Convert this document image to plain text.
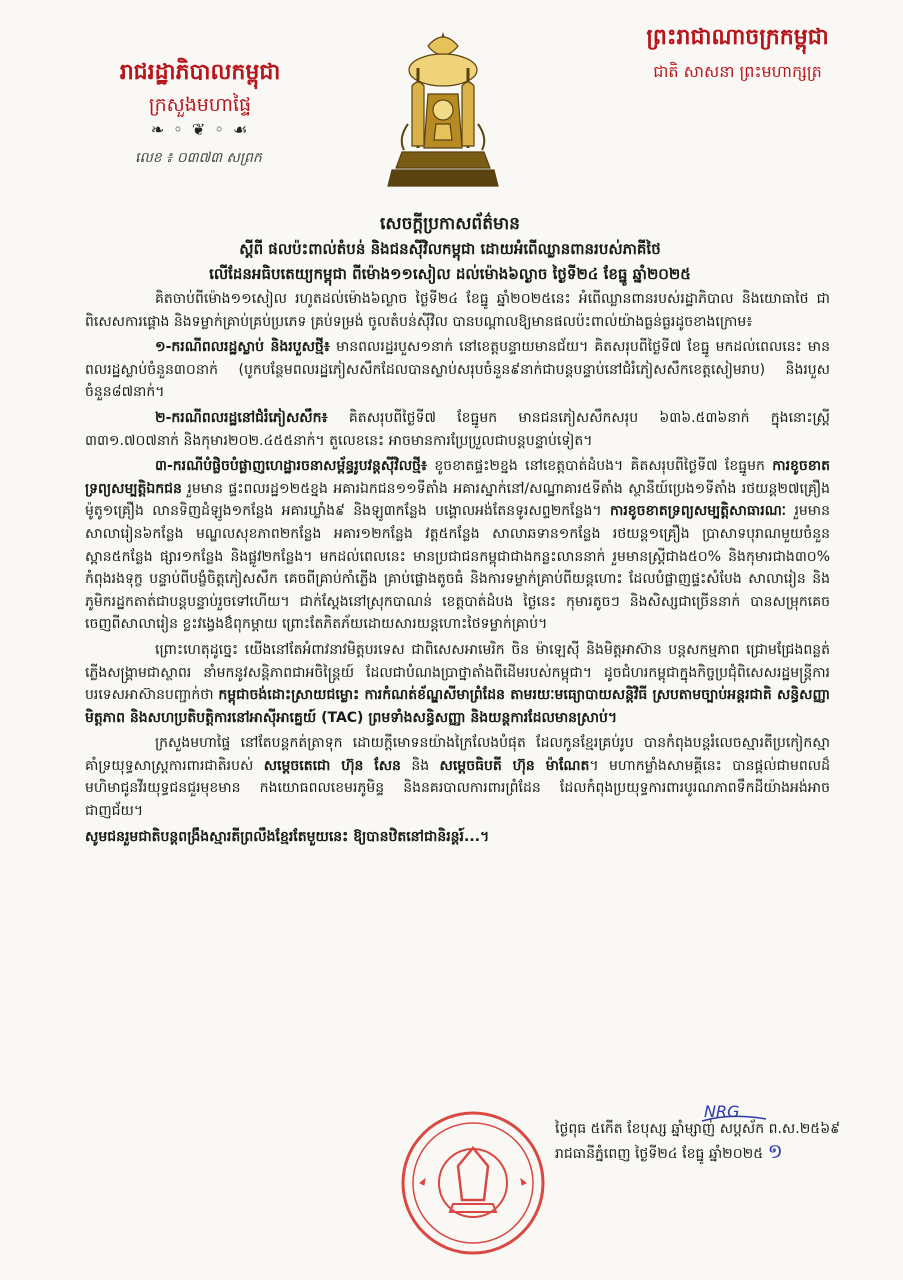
រាជរដ្ឋាភិបាលកម្ពុជា

ក្រសួងមហាផ្ទៃ

❧ ◦ ❦ ◦ ☙
លេខ ៖ ០៣៧៣ សព្រក

ព្រះរាជាណាចក្រកម្ពុជា

ជាតិ សាសនា ព្រះមហាក្សត្រ

សេចក្តីប្រកាសព័ត៌មាន

ស្តីពី ផលប៉ះពាល់តំបន់ និងជនស៊ីវិលកម្ពុជា ដោយអំពើឈ្លានពានរបស់ភាគីថៃ

លើដែនអធិបតេយ្យកម្ពុជា ពីម៉ោង១១សៀល ដល់ម៉ោង៦ល្ងាច ថ្ងៃទី២៤ ខែធ្នូ ឆ្នាំ២០២៥

គិតចាប់ពីម៉ោង១១សៀល រហូតដល់ម៉ោង៦ល្ងាច ថ្ងៃទី២៤ ខែធ្នូ ឆ្នាំ២០២៥នេះ អំពើឈ្លានពានរបស់រដ្ឋាភិបាល និងយោធាថៃ ជាពិសេសការផ្គោង និងទម្លាក់គ្រាប់គ្រប់ប្រភេទ គ្រប់ទម្រង់ ចូលតំបន់ស៊ីវិល បានបណ្តាលឱ្យមានផលប៉ះពាល់យ៉ាងធ្ងន់ធ្ងរដូចខាងក្រោម៖

១-ករណីពលរដ្ឋស្លាប់ និងរបួសថ្មី៖ មានពលរដ្ឋរបួស១នាក់ នៅខេត្តបន្ទាយមានជ័យ។ គិតសរុបពីថ្ងៃទី៧ ខែធ្នូ មកដល់ពេលនេះ មានពលរដ្ឋស្លាប់ចំនួន៣០នាក់ (បូកបន្ថែមពលរដ្ឋភៀសសឹកដែលបានស្លាប់សរុបចំនួន៩នាក់ជាបន្តបន្ទាប់នៅជំរំភៀសសឹកខេត្តសៀមរាប) និងរបួសចំនួន៨៧នាក់។

២-ករណីពលរដ្ឋនៅជំរំភៀសសឹក៖ គិតសរុបពីថ្ងៃទី៧ ខែធ្នូមក មានជនភៀសសឹកសរុប ៦៣៦.៥៣៦នាក់ ក្នុងនោះស្ត្រី ៣៣១.៧០៧នាក់ និងកុមារ២០២.៤៥៥នាក់។ តួលេខនេះ អាចមានការប្រែប្រួលជាបន្តបន្ទាប់ទៀត។

៣-ករណីបំផ្លិចបំផ្លាញហេដ្ឋារចនាសម្ព័ន្ធរូបវន្តស៊ីវិលថ្មី៖ ខូចខាតផ្ទះ២ខ្នង នៅខេត្តបាត់ដំបង។ គិតសរុបពីថ្ងៃទី៧ ខែធ្នូមក ការខូចខាតទ្រព្យសម្បត្តិឯកជន រួមមាន ផ្ទះពលរដ្ឋ១២៥ខ្នង អគារឯកជន១១ទីតាំង អគារស្នាក់នៅ/សណ្ឋាគារ៥ទីតាំង ស្ថានីយ៍ប្រេង១ទីតាំង រថយន្ត២៧គ្រឿង ម៉ូតូ១គ្រឿង លានទិញដំឡូង១កន្លែង អគារឃ្លាំង៩ និងឡូ៣កន្លែង បង្គោលអង់តែនទូរសព្ទ២កន្លែង។ ការខូចខាតទ្រព្យសម្បត្តិសាធារណៈ រួមមាន សាលារៀន៦កន្លែង មណ្ឌលសុខភាព២កន្លែង អគារ១២កន្លែង វត្ត៥កន្លែង សាលាឆទាន១កន្លែង រថយន្ត១គ្រឿង ប្រាសាទបុរាណមួយចំនួន ស្ពាន៥កន្លែង ផ្សារ១កន្លែង និងផ្លូវ២កន្លែង។ មកដល់ពេលនេះ មានប្រជាជនកម្ពុជាជាងកន្លះលាននាក់ រួមមានស្ត្រីជាង៥០% និងកុមារជាង៣០% កំពុងរងទុក្ខ បន្ទាប់ពីបង្ខំចិត្តភៀសសឹក គេចពីគ្រាប់កាំភ្លើង គ្រាប់ផ្លោងតូចធំ និងការទម្លាក់គ្រាប់ពីយន្តហោះ ដែលបំផ្លាញផ្ទះសំបែង សាលារៀន និងភូមិករដ្ឋកតាត់ជាបន្តបន្ទាប់រួចទៅហើយ។ ជាក់ស្តែងនៅស្រុកបាណន់ ខេត្តបាត់ដំបង ថ្ងៃនេះ កុមារតូចៗ និងសិស្សជាច្រើននាក់ បានសម្រុកគេចចេញពីសាលារៀន ខ្លះវង្វេងឳពុកម្តាយ ព្រោះតែភិតភ័យដោយសារយន្តហោះថៃទម្លាក់គ្រាប់។

ព្រោះហេតុដូច្នេះ យើងនៅតែអំពាវនាវមិត្តបរទេស ជាពិសេសអាមេរិក ចិន ម៉ាឡេស៊ី និងមិត្តអាស៊ាន បន្តសកម្មភាព ជ្រោមជ្រែងពន្លត់ភ្លើងសង្គ្រាមជាស្ថាពរ នាំមកនូវសន្តិភាពជាអចិន្ត្រៃយ៍ ដែលជាបំណងប្រាថ្នាតាំងពីដើមរបស់កម្ពុជា។ ដូចជំហរកម្ពុជាក្នុងកិច្ចប្រជុំពិសេសរដ្ឋមន្ត្រីការបរទេសអាស៊ានបញ្ជាក់ថា កម្ពុជាចង់ដោះស្រាយជម្លោះ ការកំណត់ខ័ណ្ឌសីមាព្រំដែន តាមរយៈមធ្យោបាយសន្តិវិធី ស្របតាមច្បាប់អន្តរជាតិ សន្ធិសញ្ញាមិត្តភាព និងសហប្រតិបត្តិការនៅអាស៊ីអាគ្នេយ៍ (TAC) ព្រមទាំងសន្ធិសញ្ញា និងយន្តការដែលមានស្រាប់។

ក្រសួងមហាផ្ទៃ នៅតែបន្តកត់ត្រាទុក ដោយក្តីមោទនយ៉ាងក្រៃលែងបំផុត ដែលកូនខ្មែរគ្រប់រូប បានកំពុងបន្តរំលេចស្មារតីប្រកៀកស្មា គាំទ្រយុទ្ធសាស្ត្រការពារជាតិរបស់ សម្តេចតេជោ ហ៊ុន សែន និង សម្តេចធិបតី ហ៊ុន ម៉ាណែត។ មហាកម្លាំងសាមគ្គីនេះ បានផ្តល់ជាមពលដ៏មហិមាជូនវីរយុទ្ធជនជួរមុខមាន កងយោធពលខេមរភូមិន្ទ និងនគរបាលការពារព្រំដែន ដែលកំពុងប្រយុទ្ធការពារបូរណភាពទឹកដីយ៉ាងអង់អាចជាញជ័យ។

សូមជនរួមជាតិបន្តពង្រឹងស្មារតីព្រលឹងខ្មែរតែមួយនេះ ឱ្យបានឋិតនៅជានិរន្តរ៍...។

NRG

ថ្ងៃពុធ ៥កើត ខែបុស្ស ឆ្នាំម្សាញ់ សប្តស័ក ព.ស.២៥៦៩

រាជធានីភ្នំពេញ ថ្ងៃទី២៤ ខែធ្នូ ឆ្នាំ២០២៥ ១
